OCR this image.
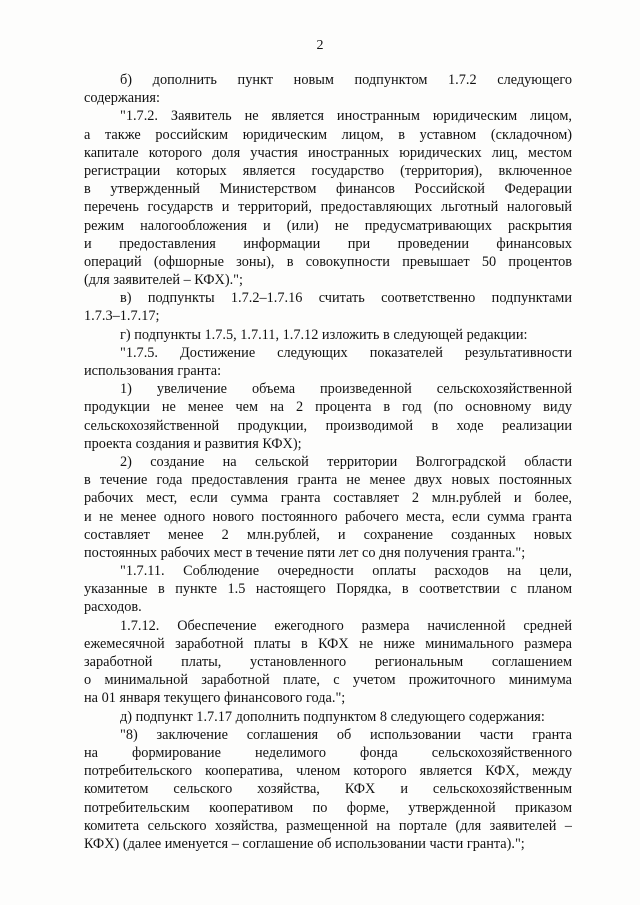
2
б) дополнить пункт новым подпунктом 1.7.2 следующего
содержания:
"1.7.2. Заявитель не является иностранным юридическим лицом,
а также российским юридическим лицом, в уставном (складочном)
капитале которого доля участия иностранных юридических лиц, местом
регистрации которых является государство (территория), включенное
в утвержденный Министерством финансов Российской Федерации
перечень государств и территорий, предоставляющих льготный налоговый
режим налогообложения и (или) не предусматривающих раскрытия
и предоставления информации при проведении финансовых
операций (офшорные зоны), в совокупности превышает 50 процентов
(для заявителей – КФХ).";
в) подпункты 1.7.2–1.7.16 считать соответственно подпунктами
1.7.3–1.7.17;
г) подпункты 1.7.5, 1.7.11, 1.7.12 изложить в следующей редакции:
"1.7.5. Достижение следующих показателей результативности
использования гранта:
1) увеличение объема произведенной сельскохозяйственной
продукции не менее чем на 2 процента в год (по основному виду
сельскохозяйственной продукции, производимой в ходе реализации
проекта создания и развития КФХ);
2) создание на сельской территории Волгоградской области
в течение года предоставления гранта не менее двух новых постоянных
рабочих мест, если сумма гранта составляет 2 млн.рублей и более,
и не менее одного нового постоянного рабочего места, если сумма гранта
составляет менее 2 млн.рублей, и сохранение созданных новых
постоянных рабочих мест в течение пяти лет со дня получения гранта.";
"1.7.11. Соблюдение очередности оплаты расходов на цели,
указанные в пункте 1.5 настоящего Порядка, в соответствии с планом
расходов.
1.7.12. Обеспечение ежегодного размера начисленной средней
ежемесячной заработной платы в КФХ не ниже минимального размера
заработной платы, установленного региональным соглашением
о минимальной заработной плате, с учетом прожиточного минимума
на 01 января текущего финансового года.";
д) подпункт 1.7.17 дополнить подпунктом 8 следующего содержания:
"8) заключение соглашения об использовании части гранта
на формирование неделимого фонда сельскохозяйственного
потребительского кооператива, членом которого является КФХ, между
комитетом сельского хозяйства, КФХ и сельскохозяйственным
потребительским кооперативом по форме, утвержденной приказом
комитета сельского хозяйства, размещенной на портале (для заявителей –
КФХ) (далее именуется – соглашение об использовании части гранта).";
